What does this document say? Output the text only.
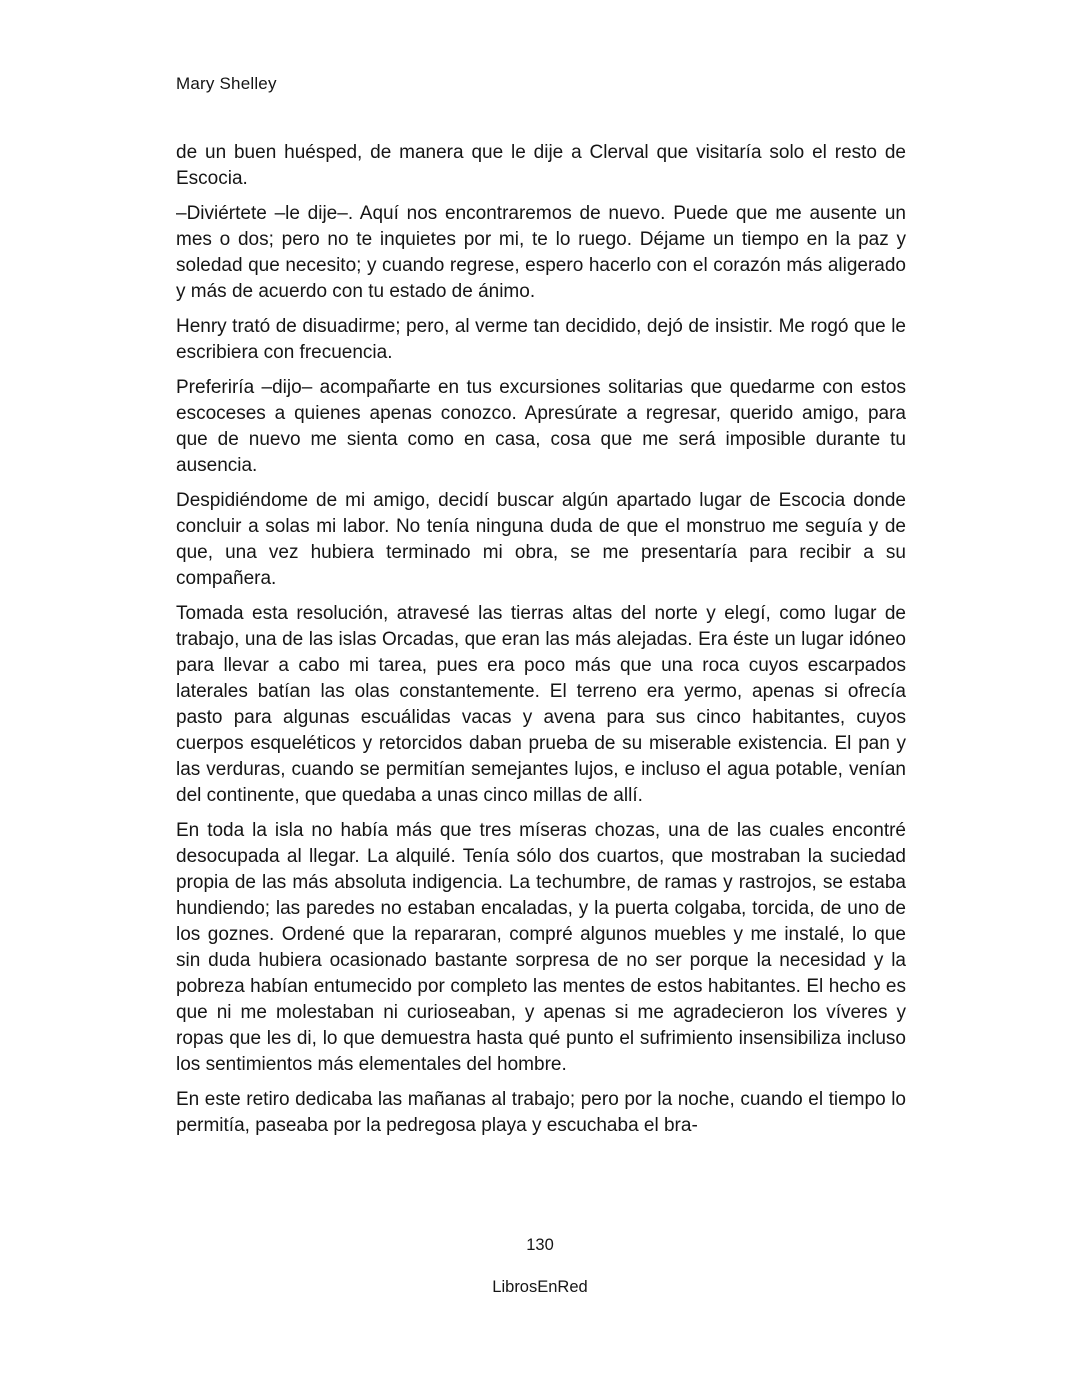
Mary Shelley

de un buen huésped, de manera que le dije a Clerval que visitaría solo el resto de Escocia.

–Diviértete –le dije–. Aquí nos encontraremos de nuevo. Puede que me ausente un mes o dos; pero no te inquietes por mi, te lo ruego. Déjame un tiempo en la paz y soledad que necesito; y cuando regrese, espero hacerlo con el corazón más aligerado y más de acuerdo con tu estado de ánimo.

Henry trató de disuadirme; pero, al verme tan decidido, dejó de insistir. Me rogó que le escribiera con frecuencia.

Preferiría –dijo– acompañarte en tus excursiones solitarias que quedarme con estos escoceses a quienes apenas conozco. Apresúrate a regresar, querido amigo, para que de nuevo me sienta como en casa, cosa que me será imposible durante tu ausencia.

Despidiéndome de mi amigo, decidí buscar algún apartado lugar de Escocia donde concluir a solas mi labor. No tenía ninguna duda de que el monstruo me seguía y de que, una vez hubiera terminado mi obra, se me presentaría para recibir a su compañera.

Tomada esta resolución, atravesé las tierras altas del norte y elegí, como lugar de trabajo, una de las islas Orcadas, que eran las más alejadas. Era éste un lugar idóneo para llevar a cabo mi tarea, pues era poco más que una roca cuyos escarpados laterales batían las olas constantemente. El terreno era yermo, apenas si ofrecía pasto para algunas escuálidas vacas y avena para sus cinco habitantes, cuyos cuerpos esqueléticos y retorcidos daban prueba de su miserable existencia. El pan y las verduras, cuando se permitían semejantes lujos, e incluso el agua potable, venían del continente, que quedaba a unas cinco millas de allí.

En toda la isla no había más que tres míseras chozas, una de las cuales encontré desocupada al llegar. La alquilé. Tenía sólo dos cuartos, que mostraban la suciedad propia de las más absoluta indigencia. La techumbre, de ramas y rastrojos, se estaba hundiendo; las paredes no estaban encaladas, y la puerta colgaba, torcida, de uno de los goznes. Ordené que la repararan, compré algunos muebles y me instalé, lo que sin duda hubiera ocasionado bastante sorpresa de no ser porque la necesidad y la pobreza habían entumecido por completo las mentes de estos habitantes. El hecho es que ni me molestaban ni curioseaban, y apenas si me agradecieron los víveres y ropas que les di, lo que demuestra hasta qué punto el sufrimiento insensibiliza incluso los sentimientos más elementales del hombre.

En este retiro dedicaba las mañanas al trabajo; pero por la noche, cuando el tiempo lo permitía, paseaba por la pedregosa playa y escuchaba el bra-

130
LibrosEnRed
